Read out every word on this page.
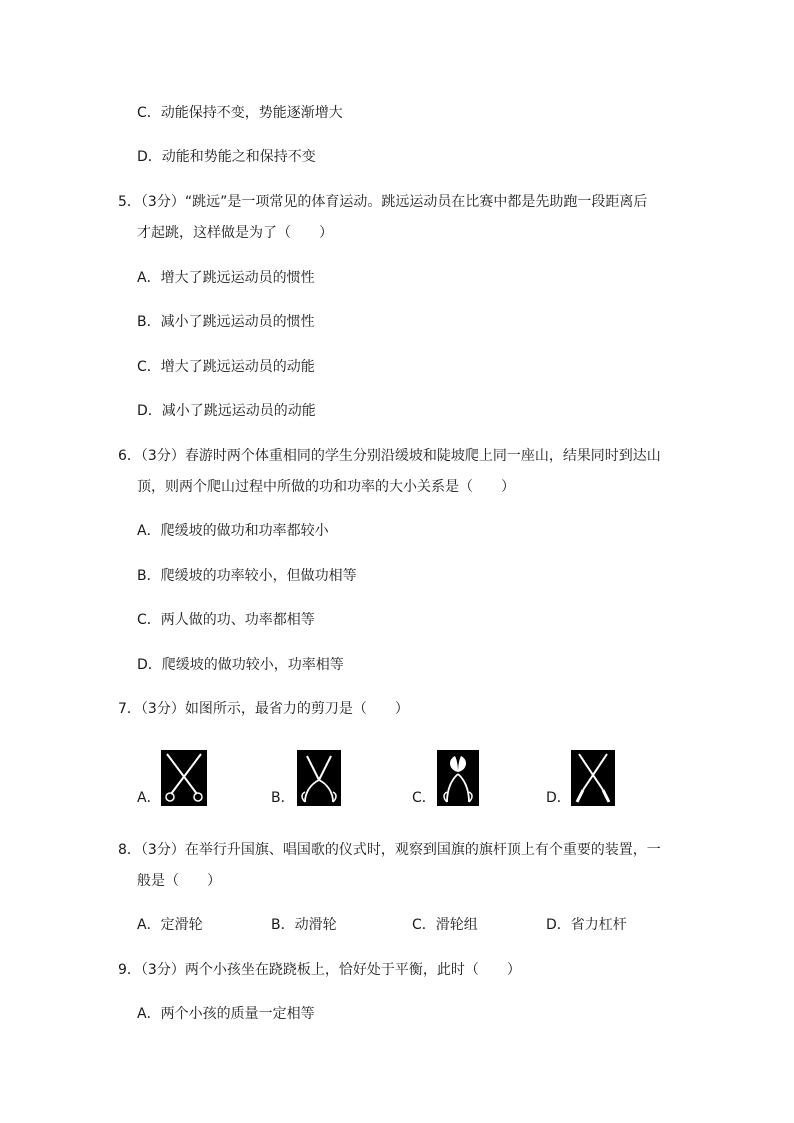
C．动能保持不变，势能逐渐增大
D．动能和势能之和保持不变
5．（3分）“跳远”是一项常见的体育运动。跳远运动员在比赛中都是先助跑一段距离后
才起跳，这样做是为了（　　）
A．增大了跳远运动员的惯性
B．减小了跳远运动员的惯性
C．增大了跳远运动员的动能
D．减小了跳远运动员的动能
6．（3分）春游时两个体重相同的学生分别沿缓坡和陡坡爬上同一座山，结果同时到达山
顶，则两个爬山过程中所做的功和功率的大小关系是（　　）
A．爬缓坡的做功和功率都较小
B．爬缓坡的功率较小，但做功相等
C．两人做的功、功率都相等
D．爬缓坡的做功较小，功率相等
7．（3分）如图所示，最省力的剪刀是（　　）
A．	B．	C．	D．
8．（3分）在举行升国旗、唱国歌的仪式时，观察到国旗的旗杆顶上有个重要的装置，一
般是（　　）
A．定滑轮	B．动滑轮	C．滑轮组	D．省力杠杆
9．（3分）两个小孩坐在跷跷板上，恰好处于平衡，此时（　　）
A．两个小孩的质量一定相等
